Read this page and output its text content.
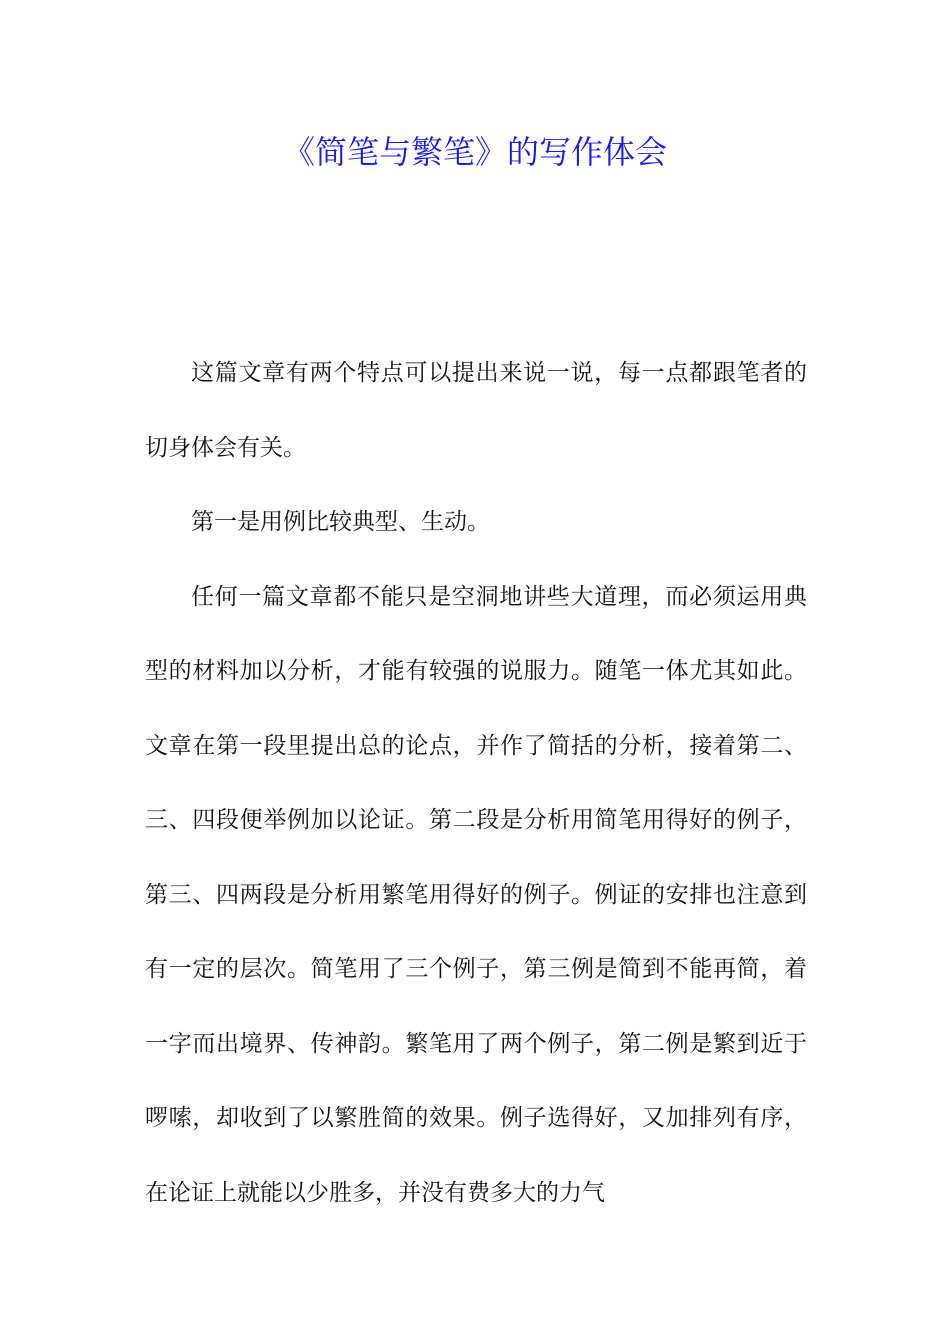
《简笔与繁笔》的写作体会

这篇文章有两个特点可以提出来说一说，每一点都跟笔者的切身体会有关。

第一是用例比较典型、生动。

任何一篇文章都不能只是空洞地讲些大道理，而必须运用典型的材料加以分析，才能有较强的说服力。随笔一体尤其如此。文章在第一段里提出总的论点，并作了简括的分析，接着第二、三、四段便举例加以论证。第二段是分析用简笔用得好的例子，第三、四两段是分析用繁笔用得好的例子。例证的安排也注意到有一定的层次。简笔用了三个例子，第三例是简到不能再简，着一字而出境界、传神韵。繁笔用了两个例子，第二例是繁到近于啰嗦，却收到了以繁胜简的效果。例子选得好，又加排列有序，在论证上就能以少胜多，并没有费多大的力气
